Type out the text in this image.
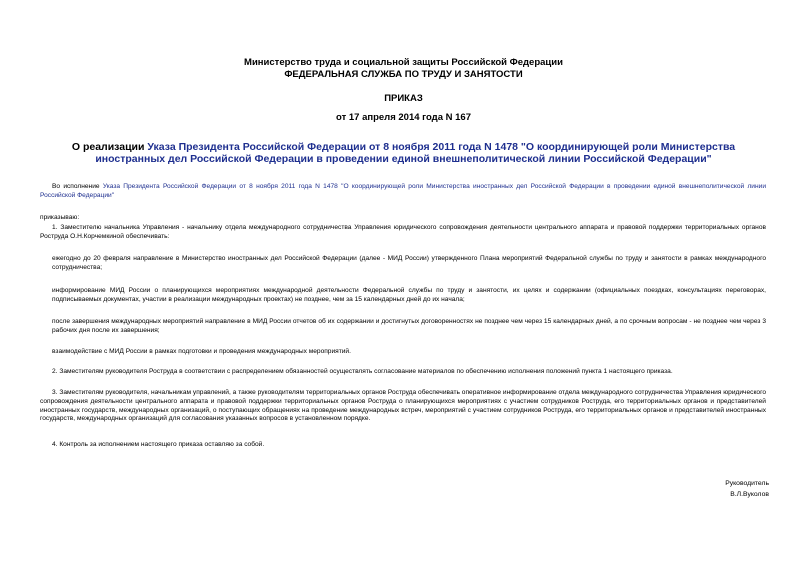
Министерство труда и социальной защиты Российской Федерации
ФЕДЕРАЛЬНАЯ СЛУЖБА ПО ТРУДУ И ЗАНЯТОСТИ
ПРИКАЗ
от 17 апреля 2014 года N 167
О реализации Указа Президента Российской Федерации от 8 ноября 2011 года N 1478 "О координирующей роли Министерства иностранных дел Российской Федерации в проведении единой внешнеполитической линии Российской Федерации"
Во исполнение Указа Президента Российской Федерации от 8 ноября 2011 года N 1478 "О координирующей роли Министерства иностранных дел Российской Федерации в проведении единой внешнеполитической линии Российской Федерации"
приказываю:
1. Заместителю начальника Управления - начальнику отдела международного сотрудничества Управления юридического сопровождения деятельности центрального аппарата и правовой поддержки территориальных органов Роструда О.Н.Корчемкиной обеспечивать:
ежегодно до 20 февраля направление в Министерство иностранных дел Российской Федерации (далее - МИД России) утвержденного Плана мероприятий Федеральной службы по труду и занятости в рамках международного сотрудничества;
информирование МИД России о планирующихся мероприятиях международной деятельности Федеральной службы по труду и занятости, их целях и содержании (официальных поездках, консультациях переговорах, подписываемых документах, участии в реализации международных проектах) не позднее, чем за 15 календарных дней до их начала;
после завершения международных мероприятий направление в МИД России отчетов об их содержании и достигнутых договоренностях не позднее чем через 15 календарных дней, а по срочным вопросам - не позднее чем через 3 рабочих дня после их завершения;
взаимодействие с МИД России в рамках подготовки и проведения международных мероприятий.
2. Заместителям руководителя Роструда в соответствии с распределением обязанностей осуществлять согласование материалов по обеспечению исполнения положений пункта 1 настоящего приказа.
3. Заместителям руководителя, начальникам управлений, а также руководителям территориальных органов Роструда обеспечивать оперативное информирование отдела международного сотрудничества Управления юридического сопровождения деятельности центрального аппарата и правовой поддержки территориальных органов Роструда о планирующихся мероприятиях с участием сотрудников Роструда, его территориальных органов и представителей иностранных государств, международных организаций, о поступающих обращениях на проведение международных встреч, мероприятий с участием сотрудников Роструда, его территориальных органов и представителей иностранных государств, международных организаций для согласования указанных вопросов в установленном порядке.
4. Контроль за исполнением настоящего приказа оставляю за собой.
Руководитель
В.Л.Вуколов
